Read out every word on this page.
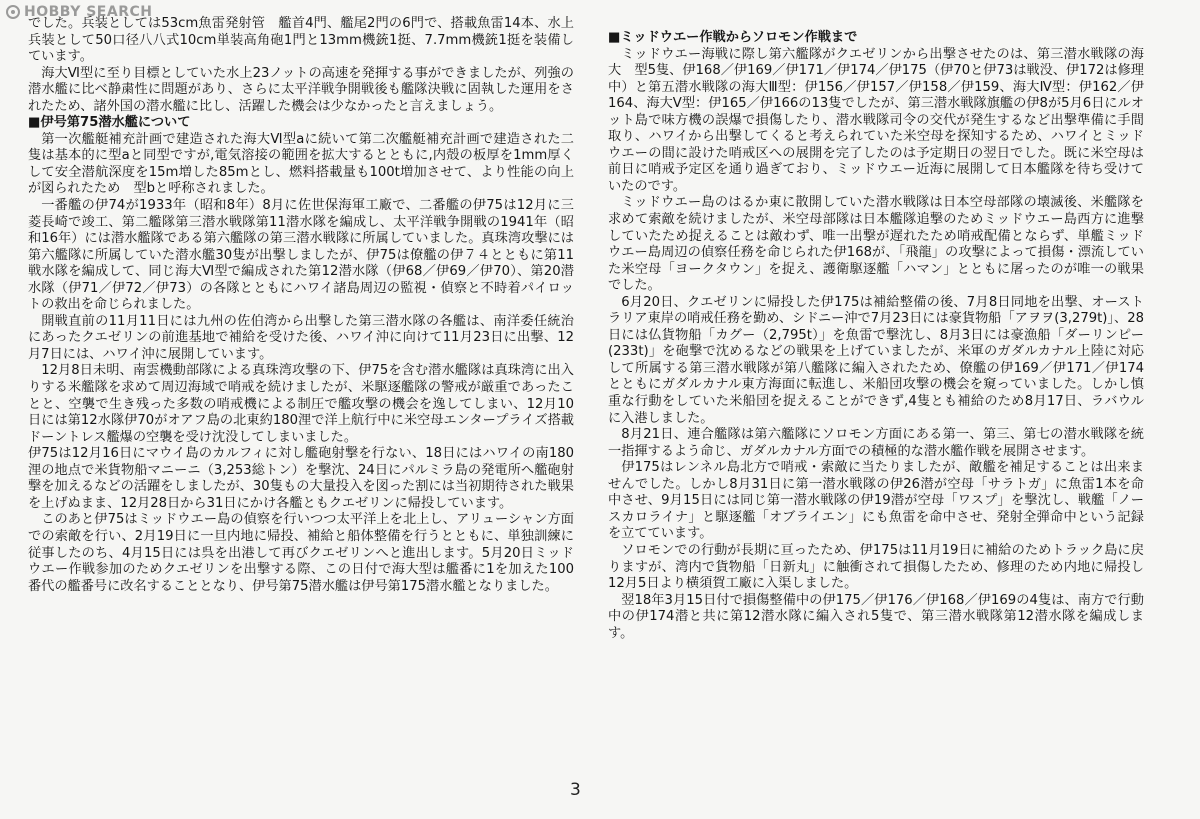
HOBBY SEARCH

でした。兵装としては53cm魚雷発射管　艦首4門、艦尾2門の6門で、搭載魚雷14本、水上兵装として50口径八八式10cm単装高角砲1門と13mm機銃1挺、7.7mm機銃1挺を装備しています。

海大Ⅵ型に至り目標としていた水上23ノットの高速を発揮する事ができましたが、列強の潜水艦に比べ静粛性に問題があり、さらに太平洋戦争開戦後も艦隊決戦に固執した運用をされたため、諸外国の潜水艦に比し、活躍した機会は少なかったと言えましょう。

■伊号第75潜水艦について

第一次艦艇補充計画で建造された海大Ⅵ型aに続いて第二次艦艇補充計画で建造された二隻は基本的に型aと同型ですが,電気溶接の範囲を拡大するとともに,内殻の板厚を1mm厚くして安全潜航深度を15m増した85mとし、燃料搭載量も100t増加させて、より性能の向上が図られたため　型bと呼称されました。

一番艦の伊74が1933年（昭和8年）8月に佐世保海軍工廠で、二番艦の伊75は12月に三菱長崎で竣工、第二艦隊第三潜水戦隊第11潜水隊を編成し、太平洋戦争開戦の1941年（昭和16年）には潜水艦隊である第六艦隊の第三潜水戦隊に所属していました。真珠湾攻撃には第六艦隊に所属していた潜水艦30隻が出撃しましたが、伊75は僚艦の伊７４とともに第11戦水隊を編成して、同じ海大Ⅵ型で編成された第12潜水隊（伊68／伊69／伊70）、第20潜水隊（伊71／伊72／伊73）の各隊とともにハワイ諸島周辺の監視・偵察と不時着パイロットの救出を命じられました。

開戦直前の11月11日には九州の佐伯湾から出撃した第三潜水隊の各艦は、南洋委任統治にあったクエゼリンの前進基地で補給を受けた後、ハワイ沖に向けて11月23日に出撃、12月7日には、ハワイ沖に展開しています。

12月8日未明、南雲機動部隊による真珠湾攻撃の下、伊75を含む潜水艦隊は真珠湾に出入りする米艦隊を求めて周辺海域で哨戒を続けましたが、米駆逐艦隊の警戒が厳重であったことと、空襲で生き残った多数の哨戒機による制圧で艦攻撃の機会を逸してしまい、12月10日には第12水隊伊70がオアフ島の北東約180浬で洋上航行中に米空母エンタープライズ搭載ドーントレス艦爆の空襲を受け沈没してしまいました。

伊75は12月16日にマウイ島のカルフィに対し艦砲射撃を行ない、18日にはハワイの南180浬の地点で米貨物船マニーニ（3,253総トン）を撃沈、24日にパルミラ島の発電所へ艦砲射撃を加えるなどの活躍をしましたが、30隻もの大量投入を図った割には当初期待された戦果を上げぬまま、12月28日から31日にかけ各艦ともクエゼリンに帰投しています。

このあと伊75はミッドウエー島の偵察を行いつつ太平洋上を北上し、アリューシャン方面での索敵を行い、2月19日に一旦内地に帰投、補給と船体整備を行うとともに、単独訓練に従事したのち、4月15日には呉を出港して再びクエゼリンへと進出します。5月20日ミッドウエー作戦参加のためクエゼリンを出撃する際、この日付で海大型は艦番に1を加えた100番代の艦番号に改名することとなり、伊号第75潜水艦は伊号第175潜水艦となりました。

■ミッドウエー作戦からソロモン作戦まで

ミッドウエー海戦に際し第六艦隊がクエゼリンから出撃させたのは、第三潜水戦隊の海大　型5隻、伊168／伊169／伊171／伊174／伊175（伊70と伊73は戦没、伊172は修理中）と第五潜水戦隊の海大Ⅲ型：伊156／伊157／伊158／伊159、海大Ⅳ型：伊162／伊164、海大Ⅴ型：伊165／伊166の13隻でしたが、第三潜水戦隊旗艦の伊8が5月6日にルオット島で味方機の誤爆で損傷したり、潜水戦隊司令の交代が発生するなど出撃準備に手間取り、ハワイから出撃してくると考えられていた米空母を探知するため、ハワイとミッドウエーの間に設けた哨戒区への展開を完了したのは予定期日の翌日でした。既に米空母は前日に哨戒予定区を通り過ぎており、ミッドウエー近海に展開して日本艦隊を待ち受けていたのです。

ミッドウエー島のはるか東に散開していた潜水戦隊は日本空母部隊の壊滅後、米艦隊を求めて索敵を続けましたが、米空母部隊は日本艦隊追撃のためミッドウエー島西方に進撃していたため捉えることは敵わず、唯一出撃が遅れたため哨戒配備とならず、単艦ミッドウエー島周辺の偵察任務を命じられた伊168が、「飛龍」の攻撃によって損傷・漂流していた米空母「ヨークタウン」を捉え、護衛駆逐艦「ハマン」とともに屠ったのが唯一の戦果でした。

6月20日、クエゼリンに帰投した伊175は補給整備の後、7月8日同地を出撃、オーストラリア東岸の哨戒任務を勤め、シドニー沖で7月23日には豪貨物船「アヲヲ(3,279t)」、28日には仏貨物船「カグー（2,795t）」を魚雷で撃沈し、8月3日には豪漁船「ダーリンピー(233t)」を砲撃で沈めるなどの戦果を上げていましたが、米軍のガダルカナル上陸に対応して所属する第三潜水戦隊が第八艦隊に編入されたため、僚艦の伊169／伊171／伊174とともにガダルカナル東方海面に転進し、米船団攻撃の機会を窺っていました。しかし慎重な行動をしていた米船団を捉えることができず,4隻とも補給のため8月17日、ラバウルに入港しました。

8月21日、連合艦隊は第六艦隊にソロモン方面にある第一、第三、第七の潜水戦隊を統一指揮するよう命じ、ガダルカナル方面での積極的な潜水艦作戦を展開させます。

伊175はレンネル島北方で哨戒・索敵に当たりましたが、敵艦を補足することは出来ませんでした。しかし8月31日に第一潜水戦隊の伊26潜が空母「サラトガ」に魚雷1本を命中させ、9月15日には同じ第一潜水戦隊の伊19潜が空母「ワスプ」を撃沈し、戦艦「ノースカロライナ」と駆逐艦「オブライエン」にも魚雷を命中させ、発射全弾命中という記録を立てています。

ソロモンでの行動が長期に亘ったため、伊175は11月19日に補給のためトラック島に戻りますが、湾内で貨物船「日新丸」に触衝されて損傷したため、修理のため内地に帰投し12月5日より横須賀工廠に入渠しました。

翌18年3月15日付で損傷整備中の伊175／伊176／伊168／伊169の4隻は、南方で行動中の伊174潜と共に第12潜水隊に編入され5隻で、第三潜水戦隊第12潜水隊を編成します。

3
